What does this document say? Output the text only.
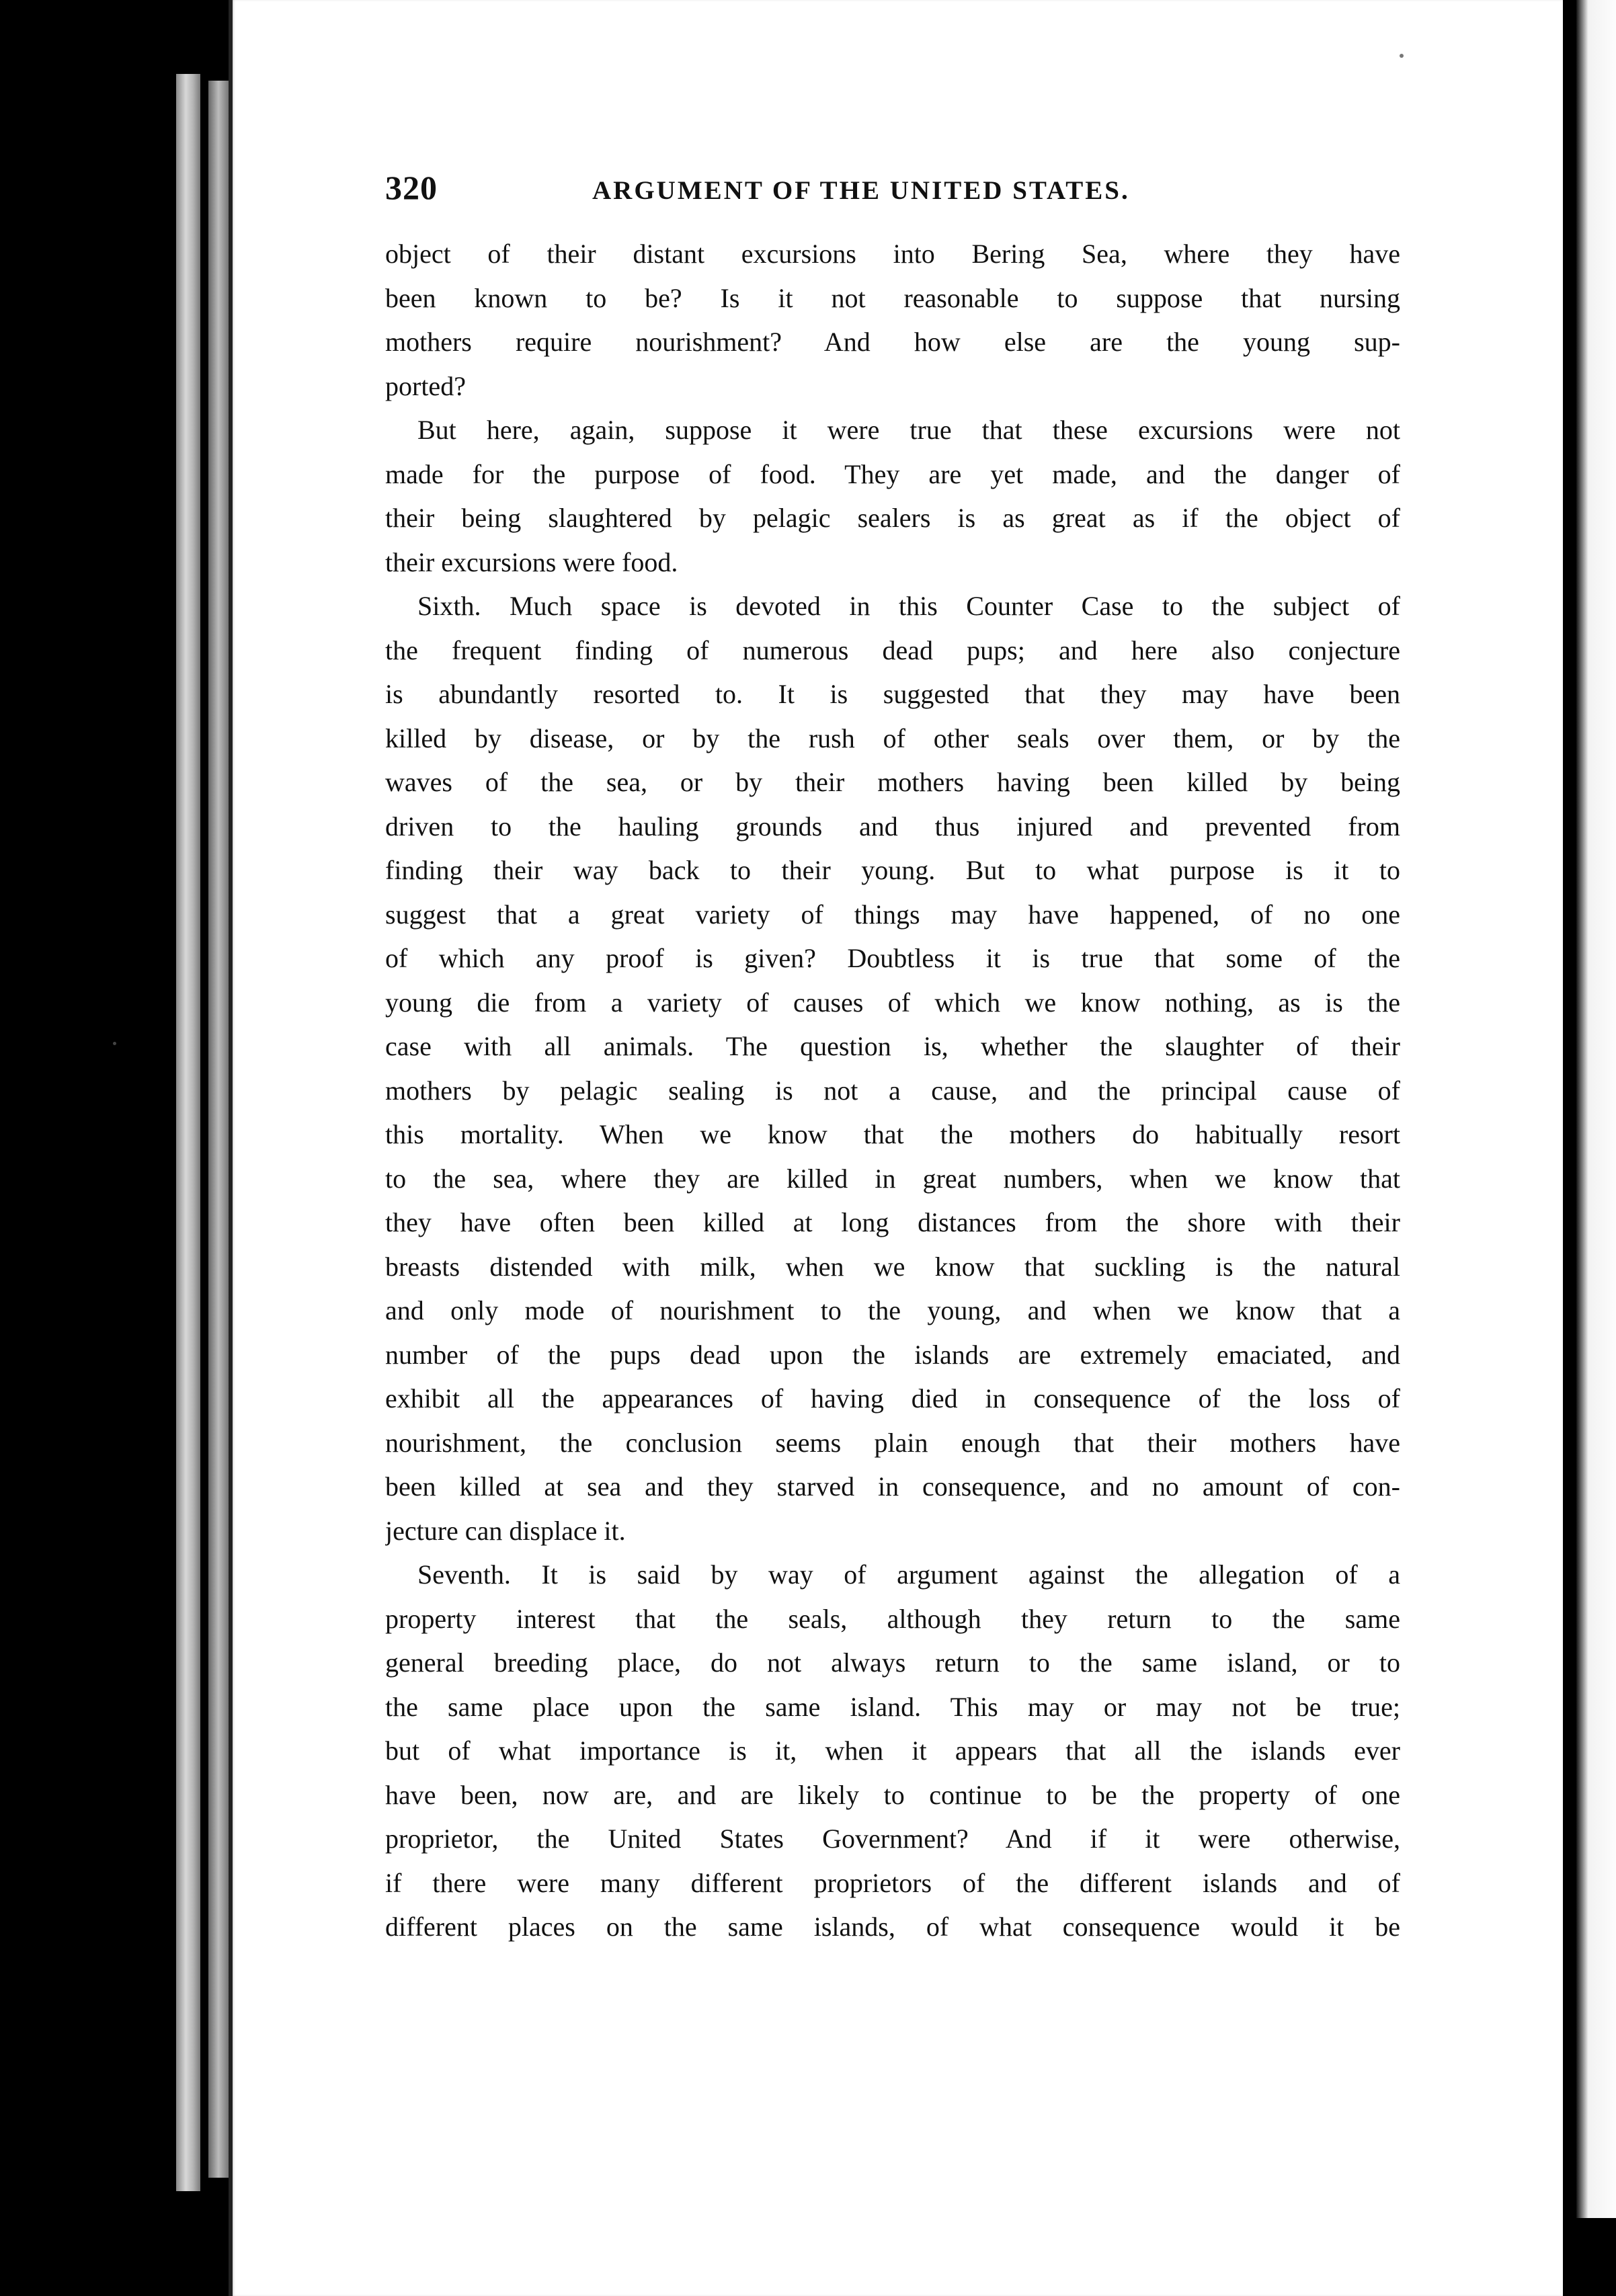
320	ARGUMENT OF THE UNITED STATES.
object of their distant excursions into Bering Sea, where they have
been known to be? Is it not reasonable to suppose that nursing
mothers require nourishment? And how else are the young sup-
ported?
But here, again, suppose it were true that these excursions were not
made for the purpose of food. They are yet made, and the danger of
their being slaughtered by pelagic sealers is as great as if the object of
their excursions were food.
Sixth. Much space is devoted in this Counter Case to the subject of
the frequent finding of numerous dead pups; and here also conjecture
is abundantly resorted to. It is suggested that they may have been
killed by disease, or by the rush of other seals over them, or by the
waves of the sea, or by their mothers having been killed by being
driven to the hauling grounds and thus injured and prevented from
finding their way back to their young. But to what purpose is it to
suggest that a great variety of things may have happened, of no one
of which any proof is given? Doubtless it is true that some of the
young die from a variety of causes of which we know nothing, as is the
case with all animals. The question is, whether the slaughter of their
mothers by pelagic sealing is not a cause, and the principal cause of
this mortality. When we know that the mothers do habitually resort
to the sea, where they are killed in great numbers, when we know that
they have often been killed at long distances from the shore with their
breasts distended with milk, when we know that suckling is the natural
and only mode of nourishment to the young, and when we know that a
number of the pups dead upon the islands are extremely emaciated, and
exhibit all the appearances of having died in consequence of the loss of
nourishment, the conclusion seems plain enough that their mothers have
been killed at sea and they starved in consequence, and no amount of con-
jecture can displace it.
Seventh. It is said by way of argument against the allegation of a
property interest that the seals, although they return to the same
general breeding place, do not always return to the same island, or to
the same place upon the same island. This may or may not be true;
but of what importance is it, when it appears that all the islands ever
have been, now are, and are likely to continue to be the property of one
proprietor, the United States Government? And if it were otherwise,
if there were many different proprietors of the different islands and of
different places on the same islands, of what consequence would it be
